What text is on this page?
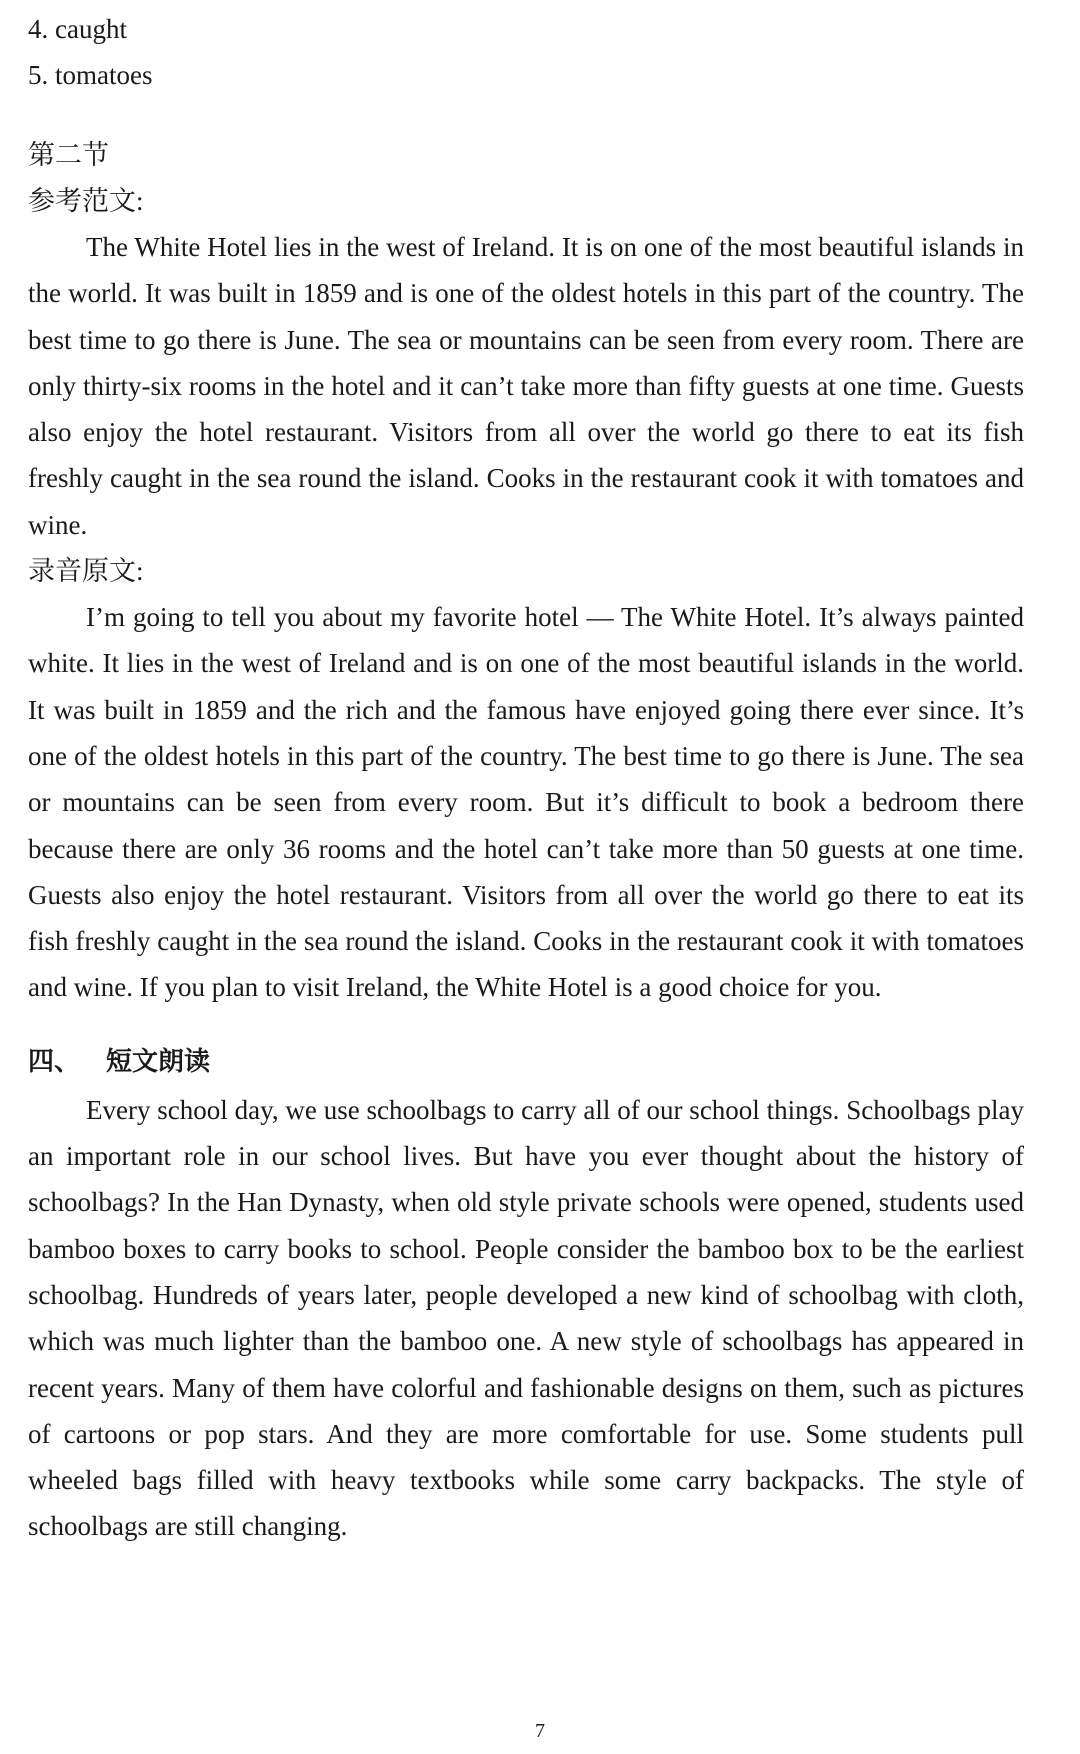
4. caught

5. tomatoes

第二节

参考范文:

The White Hotel lies in the west of Ireland. It is on one of the most beautiful islands in the world. It was built in 1859 and is one of the oldest hotels in this part of the country. The best time to go there is June. The sea or mountains can be seen from every room. There are only thirty-six rooms in the hotel and it can’t take more than fifty guests at one time. Guests also enjoy the hotel restaurant. Visitors from all over the world go there to eat its fish freshly caught in the sea round the island. Cooks in the restaurant cook it with tomatoes and wine.

录音原文:

I’m going to tell you about my favorite hotel — The White Hotel. It’s always painted white. It lies in the west of Ireland and is on one of the most beautiful islands in the world. It was built in 1859 and the rich and the famous have enjoyed going there ever since. It’s one of the oldest hotels in this part of the country. The best time to go there is June. The sea or mountains can be seen from every room. But it’s difficult to book a bedroom there because there are only 36 rooms and the hotel can’t take more than 50 guests at one time. Guests also enjoy the hotel restaurant. Visitors from all over the world go there to eat its fish freshly caught in the sea round the island. Cooks in the restaurant cook it with tomatoes and wine. If you plan to visit Ireland, the White Hotel is a good choice for you.

四、 短文朗读

Every school day, we use schoolbags to carry all of our school things. Schoolbags play an important role in our school lives. But have you ever thought about the history of schoolbags? In the Han Dynasty, when old style private schools were opened, students used bamboo boxes to carry books to school. People consider the bamboo box to be the earliest schoolbag. Hundreds of years later, people developed a new kind of schoolbag with cloth, which was much lighter than the bamboo one. A new style of schoolbags has appeared in recent years. Many of them have colorful and fashionable designs on them, such as pictures of cartoons or pop stars. And they are more comfortable for use. Some students pull wheeled bags filled with heavy textbooks while some carry backpacks. The style of schoolbags are still changing.

7
